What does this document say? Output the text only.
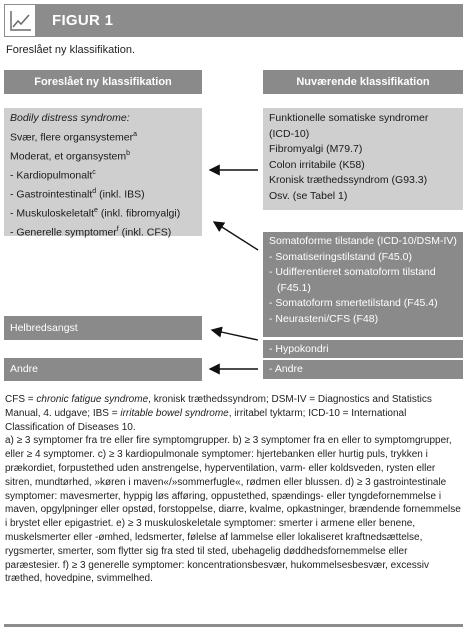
FIGUR 1
Foreslået ny klassifikation.
Foreslået ny klassifikation	Nuværende klassifikation
Bodily distress syndrome:
Svær, flere organsystemer$^a$
Moderat, et organsystem$^b$
- Kardiopulmonalt$^c$
- Gastrointestinalt$^d$ (inkl. IBS)
- Muskuloskeletalt$^e$ (inkl. fibromyalgi)
- Generelle symptomer$^f$ (inkl. CFS)
Helbredsangst
Andre
Funktionelle somatiske syndromer
(ICD-10)
Fibromyalgi (M79.7)
Colon irritabile (K58)
Kronisk træthedssyndrom (G93.3)
Osv. (se Tabel 1)
Somatoforme tilstande (ICD-10/DSM-IV)
- Somatiseringstilstand (F45.0)
- Udifferentieret somatoform tilstand
(F45.1)
- Somatoform smertetilstand (F45.4)
- Neurasteni/CFS (F48)
- Hypokondri
- Andre

CFS = chronic fatigue syndrome, kronisk træthedssyndrom; DSM-IV = Diagnostics and Statistics Manual, 4. udgave; IBS = irritable bowel syndrome, irritabel tyktarm; ICD-10 = International Classification of Diseases 10.

a) ≥ 3 symptomer fra tre eller fire symptomgrupper. b) ≥ 3 symptomer fra en eller to symptomgrupper, eller ≥ 4 symptomer. c) ≥ 3 kardiopulmonale symptomer: hjertebanken eller hurtig puls, trykken i prækordiet, forpustethed uden anstrengelse, hyperventilation, varm- eller koldsveden, rysten eller sitren, mundtørhed, »køren i maven«/»sommerfugle«, rødmen eller blussen. d) ≥ 3 gastrointestinale symptomer: mavesmerter, hyppig løs afføring, oppustethed, spændings- eller tyngdefornemmelse i maven, opgylpninger eller opstød, forstoppelse, diarre, kvalme, opkastninger, brændende fornemmelse i brystet eller epigastriet. e) ≥ 3 muskuloskeletale symptomer: smerter i armene eller benene, muskelsmerter eller -ømhed, ledsmerter, følelse af lammelse eller lokaliseret kraftnedsættelse, rygsmerter, smerter, som flytter sig fra sted til sted, ubehagelig døddhedsfornemmelse eller paræstesier. f) ≥ 3 generelle symptomer: koncentrationsbesvær, hukommelsesbesvær, excessiv træthed, hovedpine, svimmelhed.
